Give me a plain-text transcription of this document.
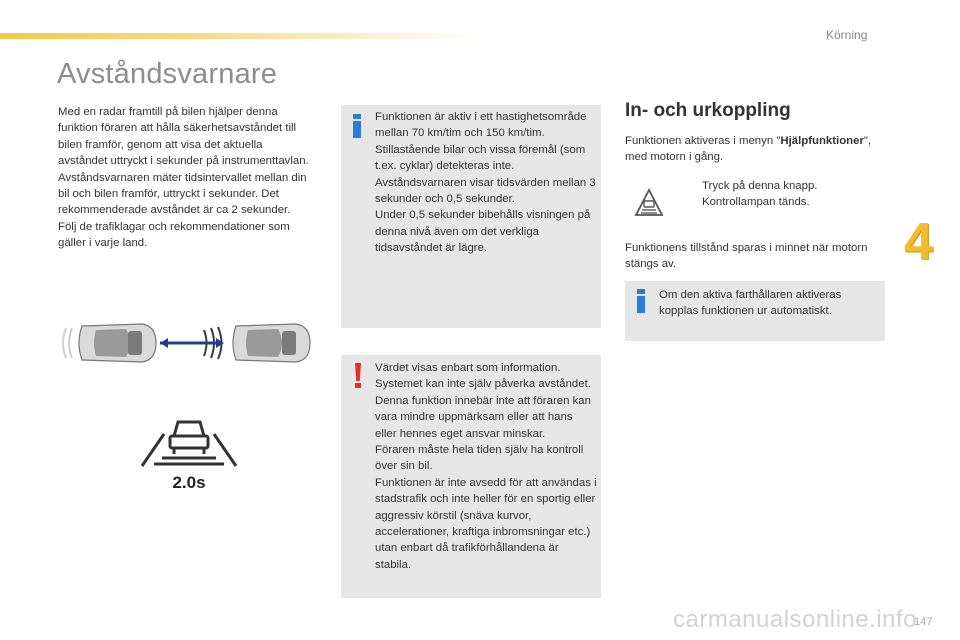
Körning
Avståndsvarnare

Med en radar framtill på bilen hjälper denna funktion föraren att hålla säkerhetsavståndet till bilen framför, genom att visa det aktuella avståndet uttryckt i sekunder på instrumenttavlan.

Avståndsvarnaren mäter tidsintervallet mellan din bil och bilen framför, uttryckt i sekunder. Det rekommenderade avståndet är ca 2 sekunder.

Följ de trafiklagar och rekommendationer som gäller i varje land.

2.0s

Funktionen är aktiv i ett hastighetsområde mellan 70 km/tim och 150 km/tim.

Stillastående bilar och vissa föremål (som t.ex. cyklar) detekteras inte.

Avståndsvarnaren visar tidsvärden mellan 3 sekunder och 0,5 sekunder.

Under 0,5 sekunder bibehålls visningen på denna nivå även om det verkliga tidsavståndet är lägre.

Värdet visas enbart som information.

Systemet kan inte själv påverka avståndet.

Denna funktion innebär inte att föraren kan vara mindre uppmärksam eller att hans eller hennes eget ansvar minskar.

Föraren måste hela tiden själv ha kontroll över sin bil.

Funktionen är inte avsedd för att användas i stadstrafik och inte heller för en sportig eller aggressiv körstil (snäva kurvor, accelerationer, kraftiga inbromsningar etc.) utan enbart då trafikförhållandena är stabila.

In- och urkoppling

Funktionen aktiveras i menyn "Hjälpfunktioner", med motorn i gång.

Tryck på denna knapp. Kontrollampan tänds.

Funktionens tillstånd sparas i minnet när motorn stängs av.

Om den aktiva farthållaren aktiveras kopplas funktionen ur automatiskt.

4
carmanualsonline.info
147
